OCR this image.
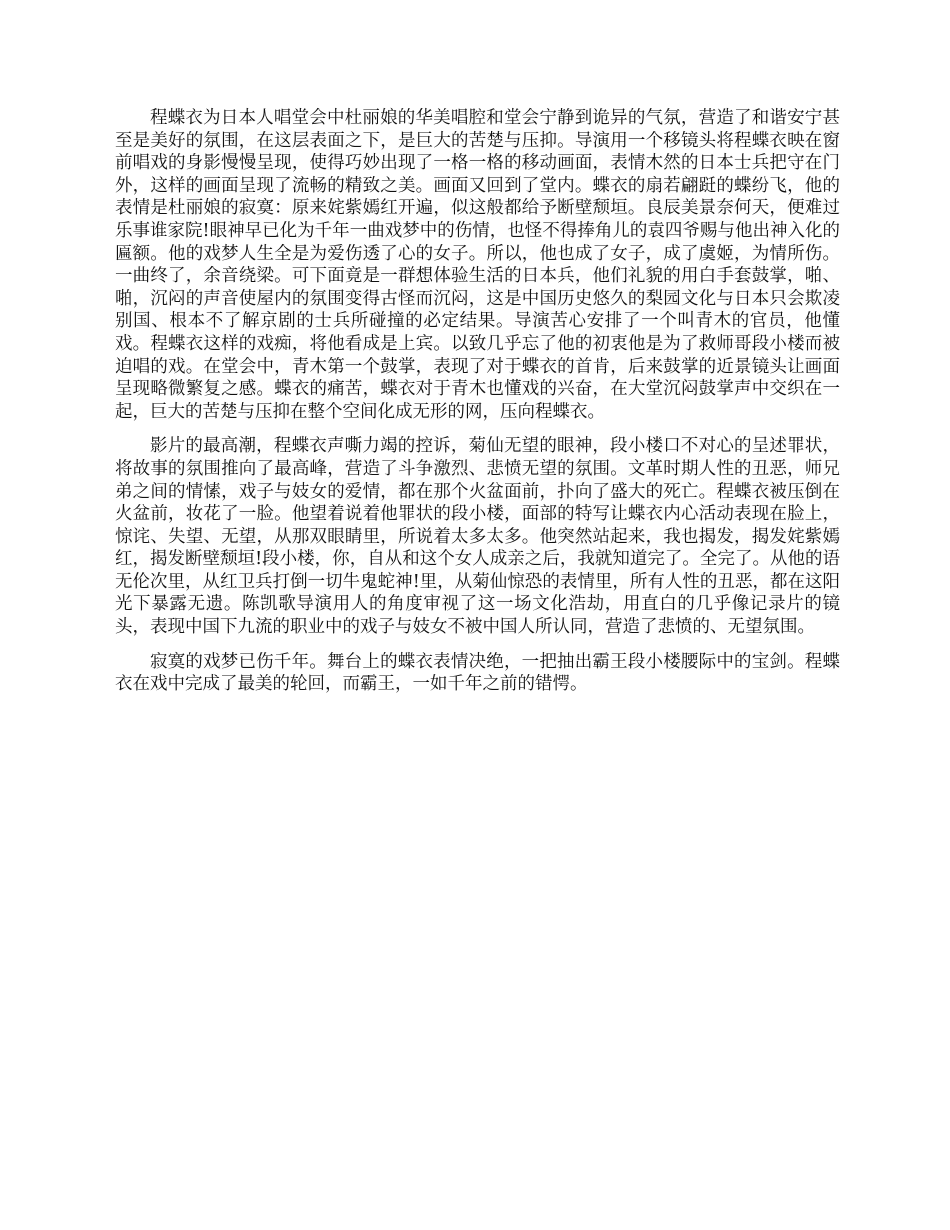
程蝶衣为日本人唱堂会中杜丽娘的华美唱腔和堂会宁静到诡异的气氛，营造了和谐安宁甚至是美好的氛围，在这层表面之下，是巨大的苦楚与压抑。导演用一个移镜头将程蝶衣映在窗前唱戏的身影慢慢呈现，使得巧妙出现了一格一格的移动画面，表情木然的日本士兵把守在门外，这样的画面呈现了流畅的精致之美。画面又回到了堂内。蝶衣的扇若翩跹的蝶纷飞，他的表情是杜丽娘的寂寞：原来姹紫嫣红开遍，似这般都给予断壁颓垣。良辰美景奈何天，便难过乐事谁家院!眼神早已化为千年一曲戏梦中的伤情，也怪不得捧角儿的袁四爷赐与他出神入化的匾额。他的戏梦人生全是为爱伤透了心的女子。所以，他也成了女子，成了虞姬，为情所伤。一曲终了，余音绕梁。可下面竟是一群想体验生活的日本兵，他们礼貌的用白手套鼓掌，啪、啪，沉闷的声音使屋内的氛围变得古怪而沉闷，这是中国历史悠久的梨园文化与日本只会欺凌别国、根本不了解京剧的士兵所碰撞的必定结果。导演苦心安排了一个叫青木的官员，他懂戏。程蝶衣这样的戏痴，将他看成是上宾。以致几乎忘了他的初衷他是为了救师哥段小楼而被迫唱的戏。在堂会中，青木第一个鼓掌，表现了对于蝶衣的首肯，后来鼓掌的近景镜头让画面呈现略微繁复之感。蝶衣的痛苦，蝶衣对于青木也懂戏的兴奋，在大堂沉闷鼓掌声中交织在一起，巨大的苦楚与压抑在整个空间化成无形的网，压向程蝶衣。

影片的最高潮，程蝶衣声嘶力竭的控诉，菊仙无望的眼神，段小楼口不对心的呈述罪状，将故事的氛围推向了最高峰，营造了斗争激烈、悲愤无望的氛围。文革时期人性的丑恶，师兄弟之间的情愫，戏子与妓女的爱情，都在那个火盆面前，扑向了盛大的死亡。程蝶衣被压倒在火盆前，妆花了一脸。他望着说着他罪状的段小楼，面部的特写让蝶衣内心活动表现在脸上，惊诧、失望、无望，从那双眼睛里，所说着太多太多。他突然站起来，我也揭发，揭发姹紫嫣红，揭发断壁颓垣!段小楼，你，自从和这个女人成亲之后，我就知道完了。全完了。从他的语无伦次里，从红卫兵打倒一切牛鬼蛇神!里，从菊仙惊恐的表情里，所有人性的丑恶，都在这阳光下暴露无遗。陈凯歌导演用人的角度审视了这一场文化浩劫，用直白的几乎像记录片的镜头，表现中国下九流的职业中的戏子与妓女不被中国人所认同，营造了悲愤的、无望氛围。

寂寞的戏梦已伤千年。舞台上的蝶衣表情决绝，一把抽出霸王段小楼腰际中的宝剑。程蝶衣在戏中完成了最美的轮回，而霸王，一如千年之前的错愕。
